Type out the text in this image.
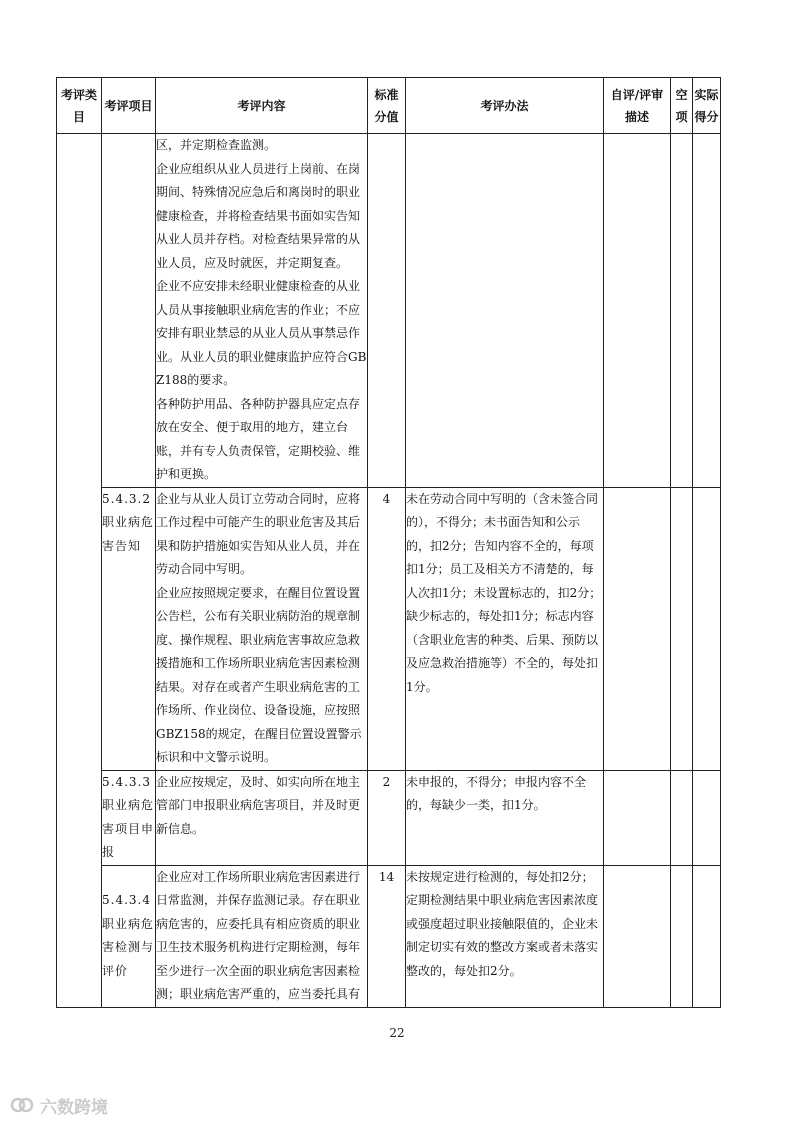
考评类目	考评项目	考评内容	标准分值	考评办法	自评/评审描述	空项	实际得分

		区，并定期检查监测。
企业应组织从业人员进行上岗前、在岗期间、特殊情况应急后和离岗时的职业健康检查，并将检查结果书面如实告知从业人员并存档。对检查结果异常的从业人员，应及时就医，并定期复查。
企业不应安排未经职业健康检查的从业人员从事接触职业病危害的作业；不应安排有职业禁忌的从业人员从事禁忌作业。从业人员的职业健康监护应符合GBZ188的要求。
各种防护用品、各种防护器具应定点存放在安全、便于取用的地方，建立台账，并有专人负责保管，定期校验、维护和更换。					

	5.4.3.2 职业病危害告知	企业与从业人员订立劳动合同时，应将工作过程中可能产生的职业危害及其后果和防护措施如实告知从业人员，并在劳动合同中写明。
企业应按照规定要求，在醒目位置设置公告栏，公布有关职业病防治的规章制度、操作规程、职业病危害事故应急救援措施和工作场所职业病危害因素检测结果。对存在或者产生职业病危害的工作场所、作业岗位、设备设施，应按照GBZ158的规定，在醒目位置设置警示标识和中文警示说明。	4	未在劳动合同中写明的（含未签合同的），不得分；未书面告知和公示的，扣2分；告知内容不全的，每项扣1分；员工及相关方不清楚的，每人次扣1分；未设置标志的，扣2分；缺少标志的，每处扣1分；标志内容（含职业危害的种类、后果、预防以及应急救治措施等）不全的，每处扣1分。			

	5.4.3.3 职业病危害项目申报	企业应按规定，及时、如实向所在地主管部门申报职业病危害项目，并及时更新信息。	2	未申报的，不得分；申报内容不全的，每缺少一类，扣1分。			

	5.4.3.4 职业病危害检测与评价	企业应对工作场所职业病危害因素进行日常监测，并保存监测记录。存在职业病危害的，应委托具有相应资质的职业卫生技术服务机构进行定期检测，每年至少进行一次全面的职业病危害因素检测；职业病危害严重的，应当委托具有	14	未按规定进行检测的，每处扣2分；定期检测结果中职业病危害因素浓度或强度超过职业接触限值的，企业未制定切实有效的整改方案或者未落实整改的，每处扣2分。			

22
六数跨境
